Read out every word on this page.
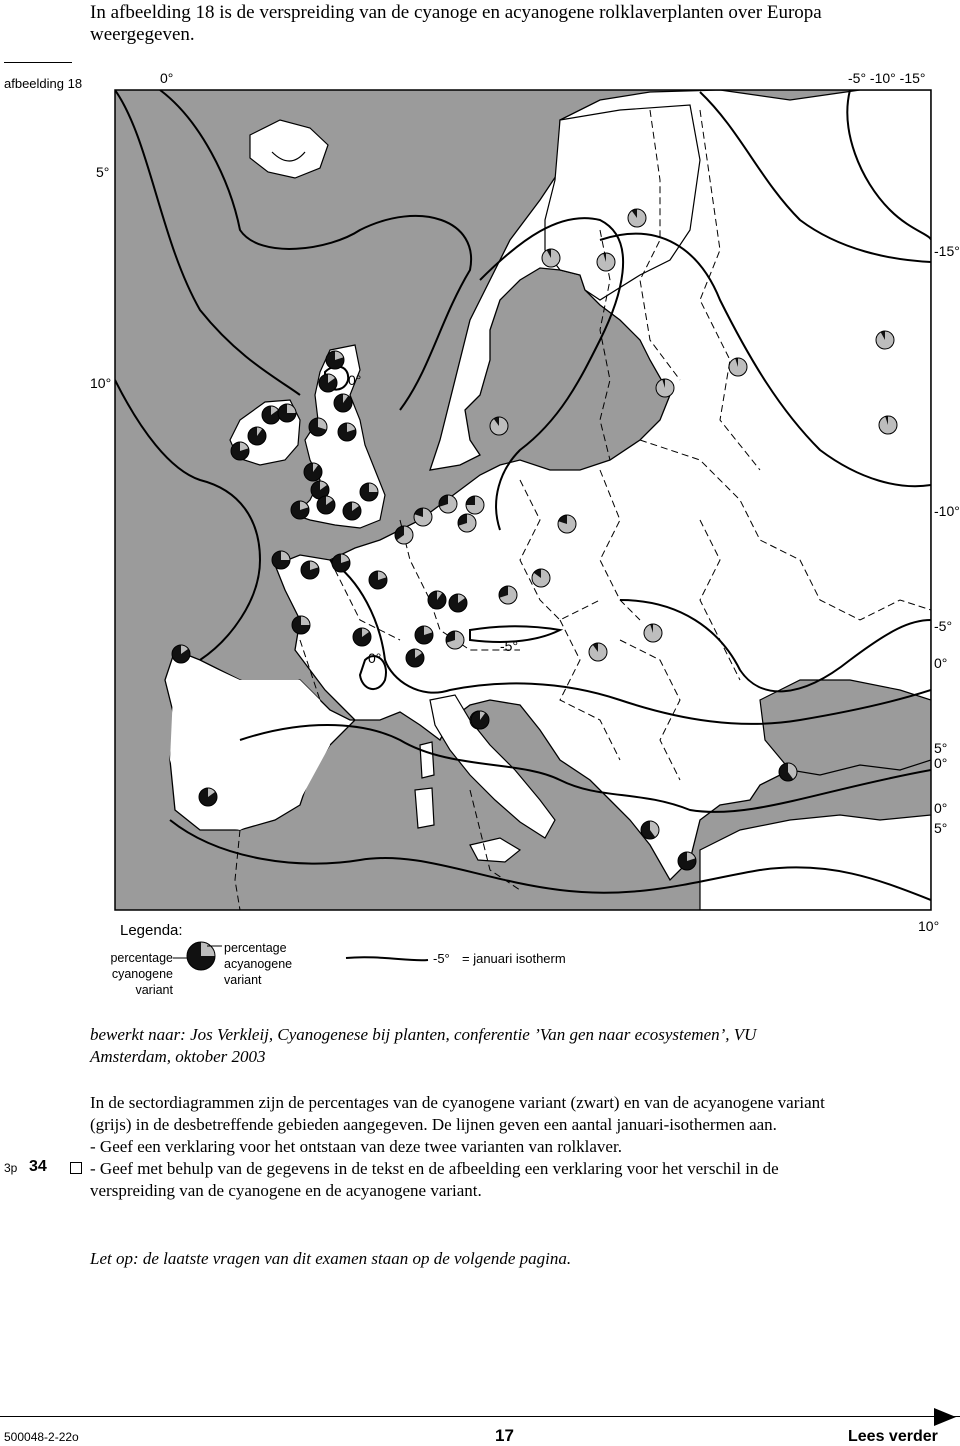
In afbeelding 18 is de verspreiding van de cyanoge en acyanogene rolklaverplanten over Europa weergegeven.
afbeelding 18	0°	-5° -10° -15°
5°
10°
-15°
-10°
-5°
0°
5°
0°
0°
5°
10°
0°
0°
-5°
Legenda:
percentage cyanogene variant
percentage acyanogene variant
-5° = januari isotherm
bewerkt naar: Jos Verkleij, Cyanogenese bij planten, conferentie ’Van gen naar ecosystemen’, VU Amsterdam, oktober 2003

In de sectordiagrammen zijn de percentages van de cyanogene variant (zwart) en van de acyanogene variant (grijs) in de desbetreffende gebieden aangegeven. De lijnen geven een aantal januari-isothermen aan.

- Geef een verklaring voor het ontstaan van deze twee varianten van rolklaver.

- Geef met behulp van de gegevens in de tekst en de afbeelding een verklaring voor het verschil in de verspreiding van de cyanogene en de acyanogene variant.

3p 34
Let op: de laatste vragen van dit examen staan op de volgende pagina.
500048-2-22o	17	Lees verder
